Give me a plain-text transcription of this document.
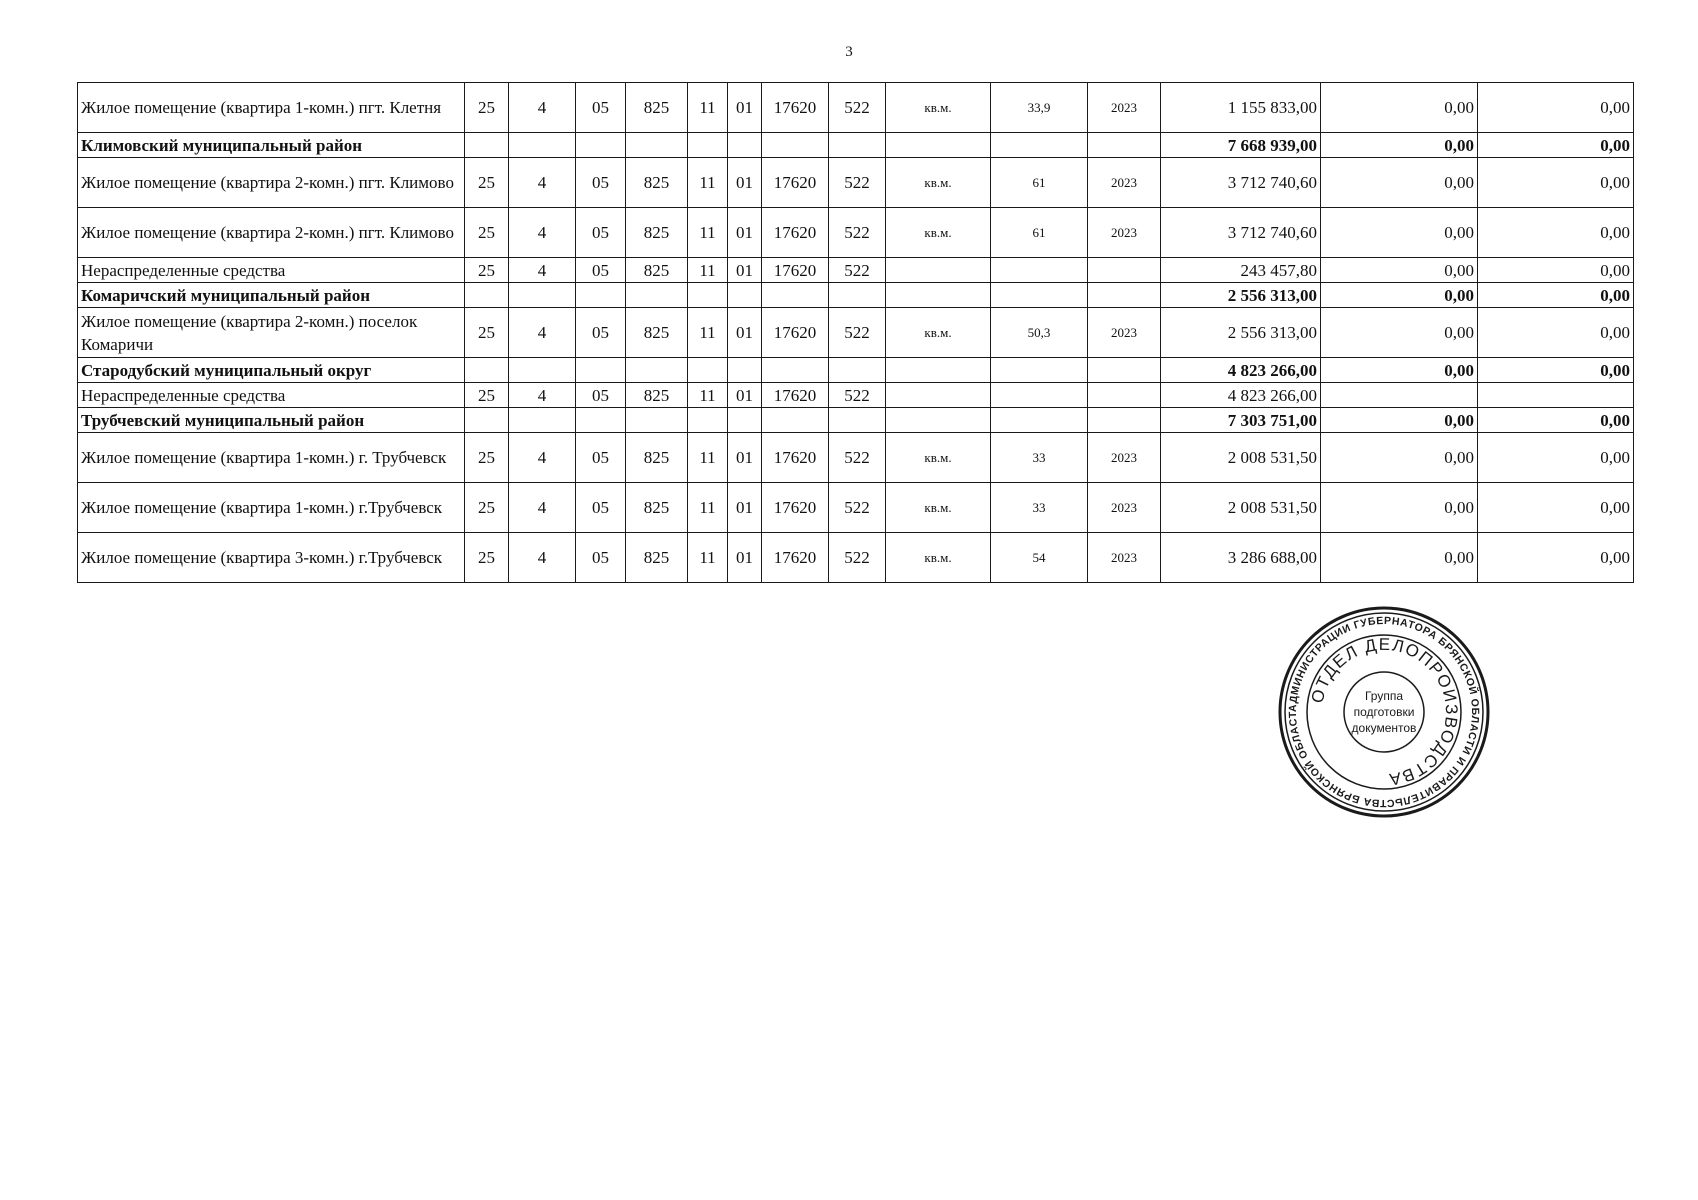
3
Жилое помещение (квартира 1-комн.) пгт. Клетня	25	4	05	825	11	01	17620	522	кв.м.	33,9	2023	1 155 833,00	0,00	0,00
Климовский муниципальный район												7 668 939,00	0,00	0,00
Жилое помещение (квартира 2-комн.) пгт. Климово	25	4	05	825	11	01	17620	522	кв.м.	61	2023	3 712 740,60	0,00	0,00
Жилое помещение (квартира 2-комн.) пгт. Климово	25	4	05	825	11	01	17620	522	кв.м.	61	2023	3 712 740,60	0,00	0,00
Нераспределенные средства	25	4	05	825	11	01	17620	522				243 457,80	0,00	0,00
Комаричский муниципальный район												2 556 313,00	0,00	0,00
Жилое помещение (квартира 2-комн.) поселок Комаричи	25	4	05	825	11	01	17620	522	кв.м.	50,3	2023	2 556 313,00	0,00	0,00
Стародубский муниципальный округ												4 823 266,00	0,00	0,00
Нераспределенные средства	25	4	05	825	11	01	17620	522				4 823 266,00		
Трубчевский муниципальный район												7 303 751,00	0,00	0,00
Жилое помещение (квартира 1-комн.) г. Трубчевск	25	4	05	825	11	01	17620	522	кв.м.	33	2023	2 008 531,50	0,00	0,00
Жилое помещение (квартира 1-комн.) г.Трубчевск	25	4	05	825	11	01	17620	522	кв.м.	33	2023	2 008 531,50	0,00	0,00
Жилое помещение (квартира 3-комн.) г.Трубчевск	25	4	05	825	11	01	17620	522	кв.м.	54	2023	3 286 688,00	0,00	0,00
АДМИНИСТРАЦИИ ГУБЕРНАТОРА БРЯНСКОЙ ОБЛАСТИ И ПРАВИТЕЛЬСТВА БРЯНСКОЙ ОБЛАСТ
ОТДЕЛ ДЕЛОПРОИЗВОДСТВА
Группа
подготовки
документов
